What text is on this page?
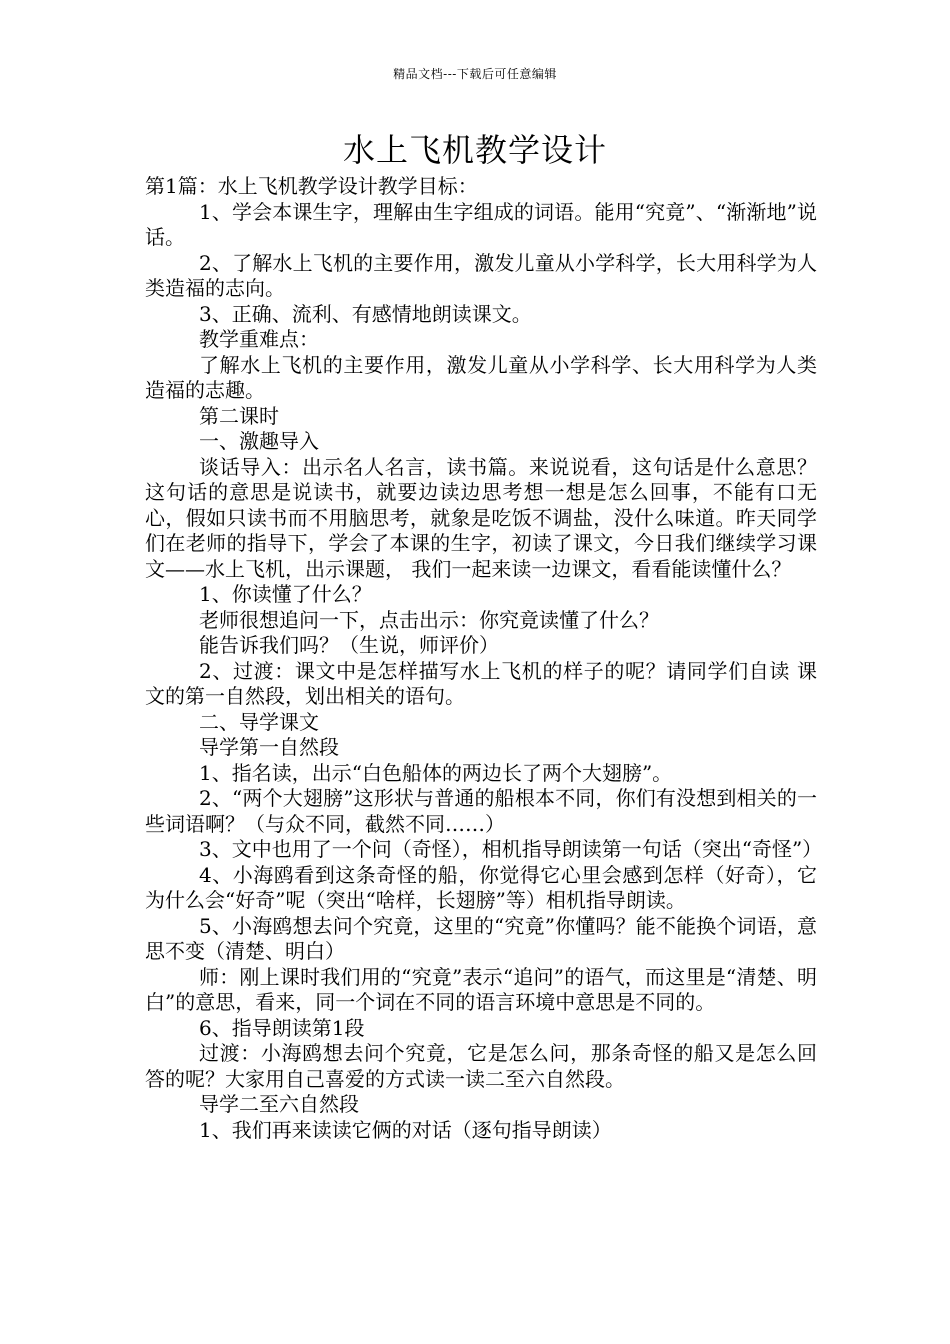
精品文档---下载后可任意编辑
水上飞机教学设计

第1篇：水上飞机教学设计教学目标：

1、学会本课生字，理解由生字组成的词语。能用“究竟”、“渐渐地”说话。

2、了解水上飞机的主要作用，激发儿童从小学科学，长大用科学为人类造福的志向。

3、正确、流利、有感情地朗读课文。

教学重难点：

了解水上飞机的主要作用，激发儿童从小学科学、长大用科学为人类造福的志趣。

第二课时

一、激趣导入

谈话导入：出示名人名言，读书篇。来说说看，这句话是什么意思？这句话的意思是说读书，就要边读边思考想一想是怎么回事，不能有口无心，假如只读书而不用脑思考，就象是吃饭不调盐，没什么味道。昨天同学们在老师的指导下，学会了本课的生字，初读了课文，今日我们继续学习课文——水上飞机，出示课题， 我们一起来读一边课文，看看能读懂什么？

1、你读懂了什么？

老师很想追问一下，点击出示：你究竟读懂了什么？

能告诉我们吗？（生说，师评价）

2、过渡：课文中是怎样描写水上飞机的样子的呢？请同学们自读 课文的第一自然段，划出相关的语句。

二、导学课文

导学第一自然段

1、指名读，出示“白色船体的两边长了两个大翅膀”。

2、“两个大翅膀”这形状与普通的船根本不同，你们有没想到相关的一些词语啊？（与众不同，截然不同……）

3、文中也用了一个问（奇怪），相机指导朗读第一句话（突出“奇怪”）

4、小海鸥看到这条奇怪的船，你觉得它心里会感到怎样（好奇），它为什么会“好奇”呢（突出“啥样，长翅膀”等）相机指导朗读。

5、小海鸥想去问个究竟，这里的“究竟”你懂吗？能不能换个词语，意思不变（清楚、明白）

师：刚上课时我们用的“究竟”表示“追问”的语气，而这里是“清楚、明白”的意思，看来，同一个词在不同的语言环境中意思是不同的。

6、指导朗读第1段

过渡：小海鸥想去问个究竟，它是怎么问，那条奇怪的船又是怎么回答的呢？大家用自己喜爱的方式读一读二至六自然段。

导学二至六自然段

1、我们再来读读它俩的对话（逐句指导朗读）
